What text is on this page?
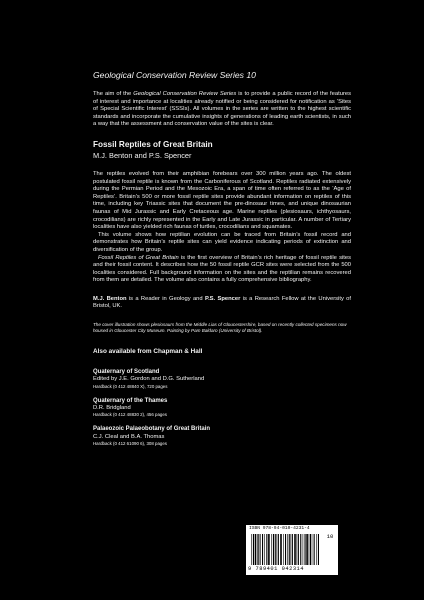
Geological Conservation Review Series 10

The aim of the Geological Conservation Review Series is to provide a public record of the features of interest and importance at localities already notified or being considered for notification as ‘Sites of Special Scientific Interest’ (SSSIs). All volumes in the series are written to the highest scientific standards and incorporate the cumulative insights of generations of leading earth scientists, in such a way that the assessment and conservation value of the sites is clear.

Fossil Reptiles of Great Britain
M.J. Benton and P.S. Spencer

The reptiles evolved from their amphibian forebears over 300 million years ago. The oldest postulated fossil reptile is known from the Carboniferous of Scotland. Reptiles radiated extensively during the Permian Period and the Mesozoic Era, a span of time often referred to as the ‘Age of Reptiles’. Britain’s 500 or more fossil reptile sites provide abundant information on reptiles of this time, including key Triassic sites that document the pre-dinosaur times, and unique dinosaurian faunas of Mid Jurassic and Early Cretaceous age. Marine reptiles (plesiosaurs, ichthyosaurs, crocodilians) are richly represented in the Early and Late Jurassic in particular. A number of Tertiary localities have also yielded rich faunas of turtles, crocodilians and squamates.

This volume shows how reptilian evolution can be traced from Britain’s fossil record and demonstrates how Britain’s reptile sites can yield evidence indicating periods of extinction and diversification of the group.

Fossil Reptiles of Great Britain is the first overview of Britain’s rich heritage of fossil reptile sites and their fossil content. It describes how the 50 fossil reptile GCR sites were selected from the 500 localities considered. Full background information on the sites and the reptilian remains recovered from them are detailed. The volume also contains a fully comprehensive bibliography.

M.J. Benton is a Reader in Geology and P.S. Spencer is a Research Fellow at the University of Bristol, UK.

The cover illustration shows plesiosaurs from the Middle Lias of Gloucestershire, based on recently collected specimens now housed in Gloucester City Museum. Painting by Pam Baldaro (University of Bristol).

Also available from Chapman & Hall
Quaternary of Scotland
Edited by J.E. Gordon and D.G. Sutherland
Hardback (0 412 48840 X), 720 pages
Quaternary of the Thames
D.R. Bridgland
Hardback (0 412 48830 2), 456 pages
Palaeozoic Palaeobotany of Great Britain
C.J. Cleal and B.A. Thomas
Hardback (0 412 61090 6), 308 pages
ISBN 978-94-010-4231-4
9 789401 042314
10
